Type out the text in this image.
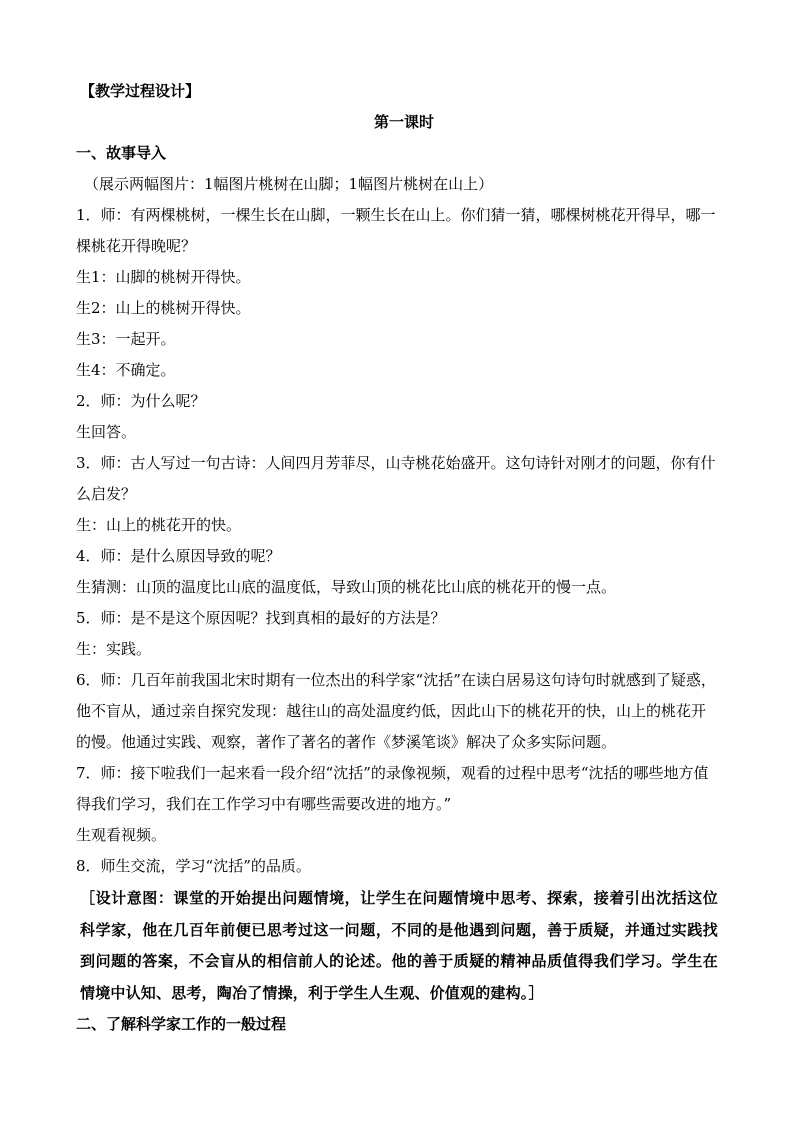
【教学过程设计】
第一课时
一、故事导入
（展示两幅图片：1幅图片桃树在山脚；1幅图片桃树在山上）
1．师：有两棵桃树，一棵生长在山脚，一颗生长在山上。你们猜一猜，哪棵树桃花开得早，哪一棵桃花开得晚呢？
生1：山脚的桃树开得快。
生2：山上的桃树开得快。
生3：一起开。
生4：不确定。
2．师：为什么呢？
生回答。
3．师：古人写过一句古诗：人间四月芳菲尽，山寺桃花始盛开。这句诗针对刚才的问题，你有什么启发？
生：山上的桃花开的快。
4．师：是什么原因导致的呢？
生猜测：山顶的温度比山底的温度低，导致山顶的桃花比山底的桃花开的慢一点。
5．师：是不是这个原因呢？找到真相的最好的方法是？
生：实践。
6．师：几百年前我国北宋时期有一位杰出的科学家“沈括”在读白居易这句诗句时就感到了疑惑，他不盲从，通过亲自探究发现：越往山的高处温度约低，因此山下的桃花开的快，山上的桃花开的慢。他通过实践、观察，著作了著名的著作《梦溪笔谈》解决了众多实际问题。
7．师：接下啦我们一起来看一段介绍“沈括”的录像视频，观看的过程中思考“沈括的哪些地方值得我们学习，我们在工作学习中有哪些需要改进的地方。”
生观看视频。
8．师生交流，学习“沈括”的品质。
［设计意图：课堂的开始提出问题情境，让学生在问题情境中思考、探索，接着引出沈括这位科学家，他在几百年前便已思考过这一问题，不同的是他遇到问题，善于质疑，并通过实践找到问题的答案，不会盲从的相信前人的论述。他的善于质疑的精神品质值得我们学习。学生在情境中认知、思考，陶冶了情操，利于学生人生观、价值观的建构。］
二、了解科学家工作的一般过程
